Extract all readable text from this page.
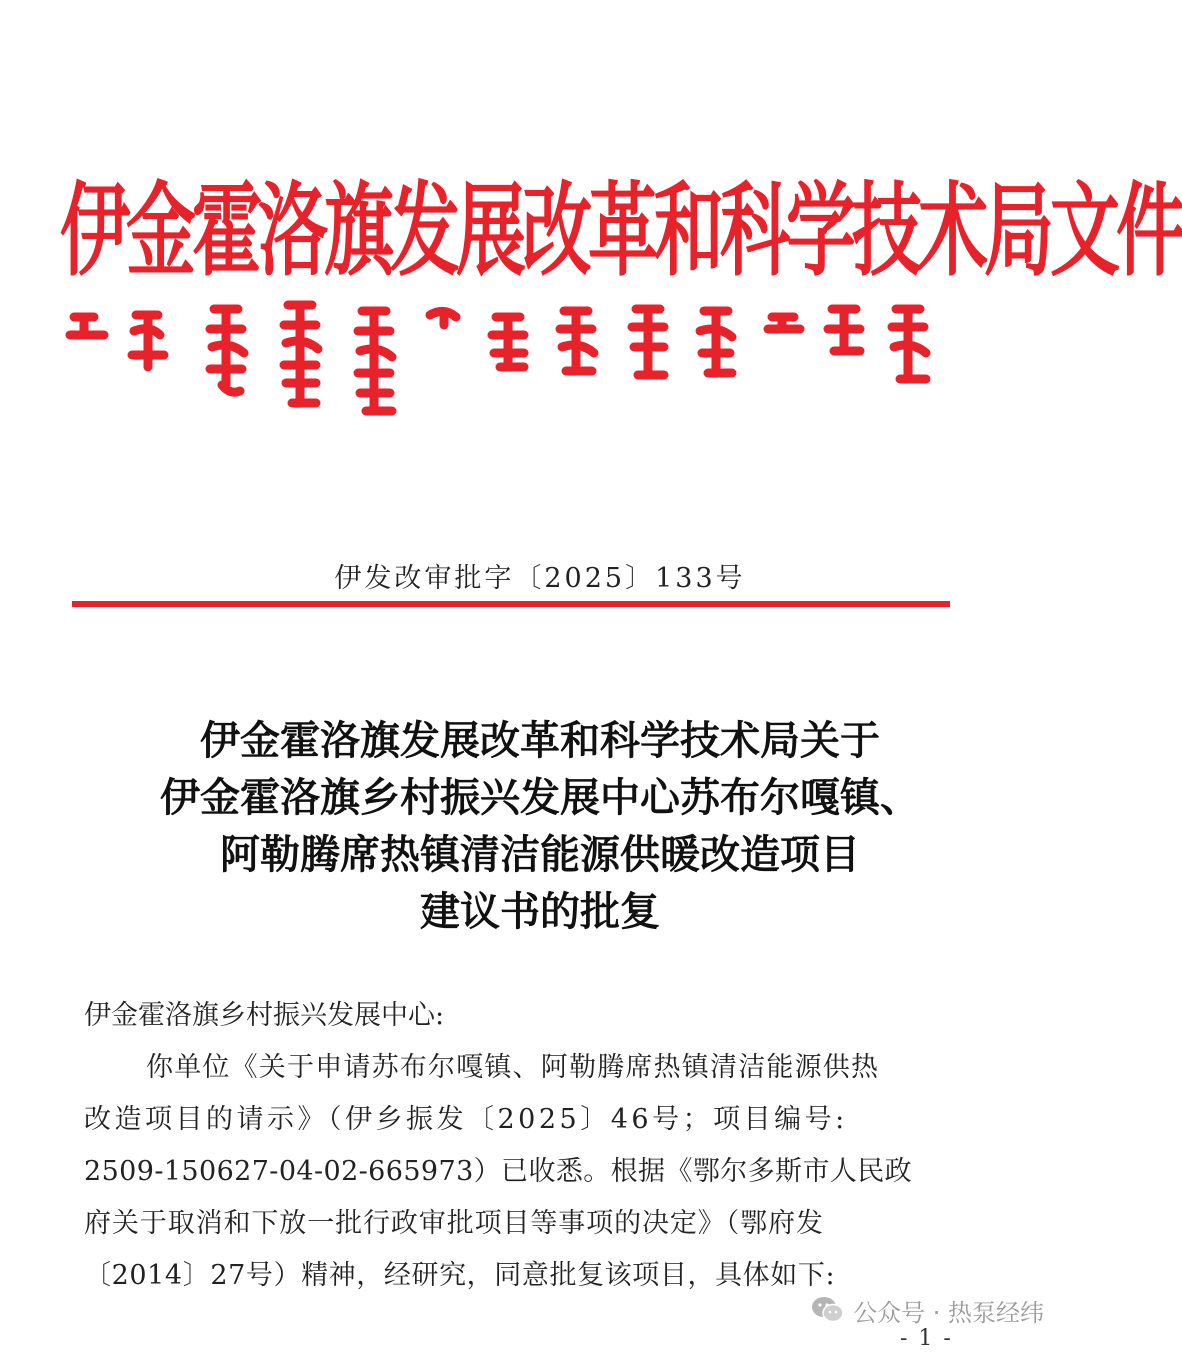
伊金霍洛旗发展改革和科学技术局文件
伊发改审批字〔2025〕133号
伊金霍洛旗发展改革和科学技术局关于
伊金霍洛旗乡村振兴发展中心苏布尔嘎镇、
阿勒腾席热镇清洁能源供暖改造项目
建议书的批复
伊金霍洛旗乡村振兴发展中心:
你单位《关于申请苏布尔嘎镇、阿勒腾席热镇清洁能源供热
改造项目的请示》（伊乡振发〔2025〕46号；项目编号:
2509-150627-04-02-665973）已收悉。根据《鄂尔多斯市人民政
府关于取消和下放一批行政审批项目等事项的决定》（鄂府发
〔2014〕27号）精神，经研究，同意批复该项目，具体如下:
公众号 · 热泵经纬
- 1 -
